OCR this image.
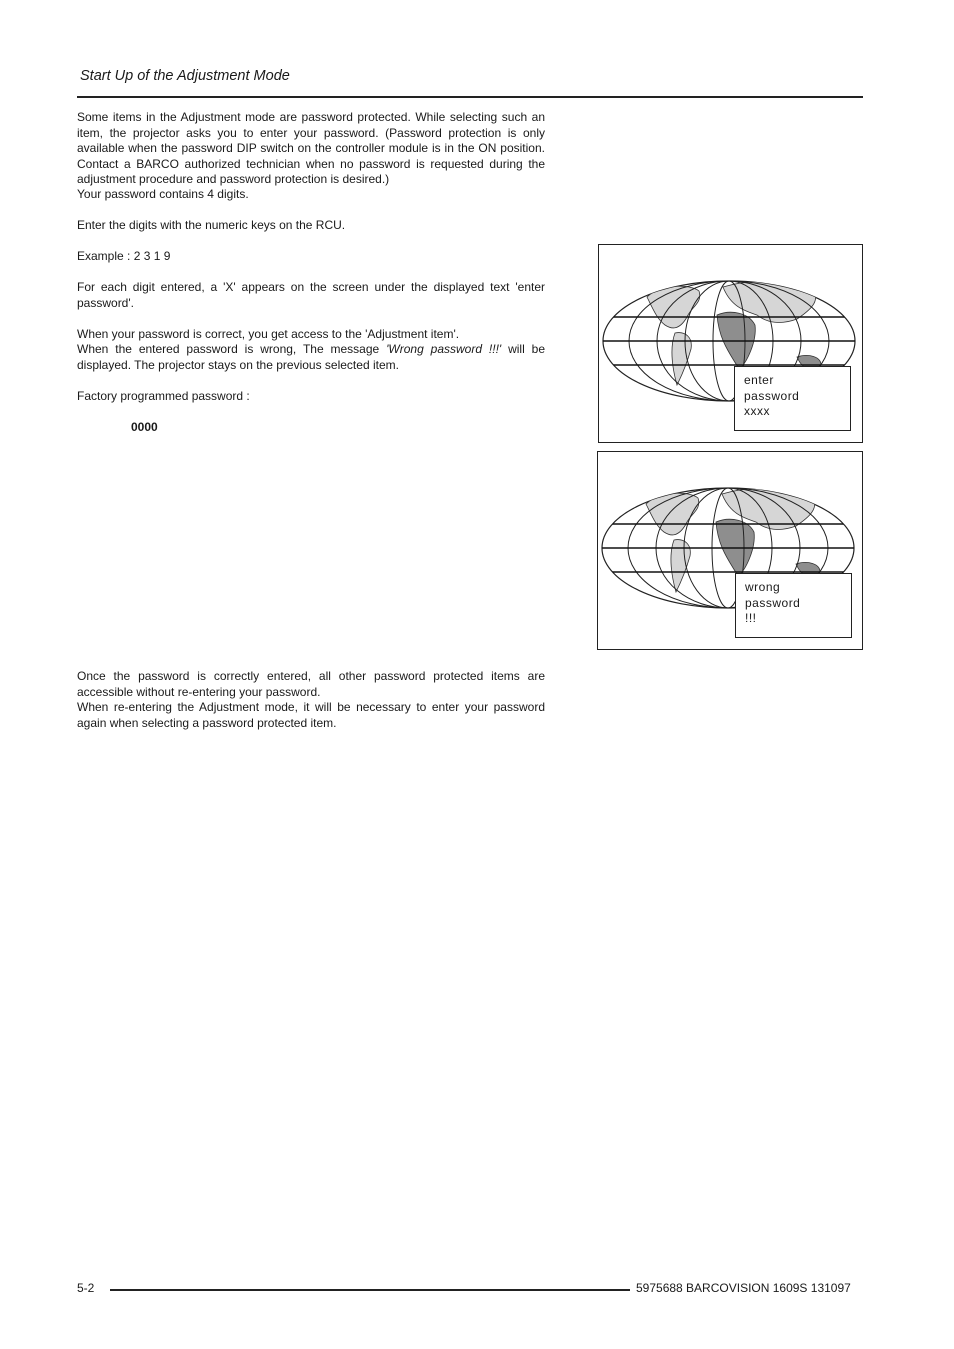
Start Up of the Adjustment Mode

Some items in the Adjustment mode are password protected. While selecting such an item, the projector asks you to enter your password. (Password protection is only available when the password DIP switch on the controller module is in the ON position. Contact a BARCO authorized technician when no password is requested during the adjustment procedure and password protection is desired.)

Your password contains 4 digits.

Enter the digits with the numeric keys on the RCU.

Example : 2 3 1 9

For each digit entered, a 'X' appears on the screen under the displayed text 'enter password'.

When your password is correct, you get access to the 'Adjustment item'.

When the entered password is wrong, The message 'Wrong password !!!' will be displayed. The projector stays on the previous selected item.

Factory programmed password :

0000

enter
password
xxxx
wrong
password
!!!

Once the password is correctly entered, all other password protected items are accessible without re-entering your password.

When re-entering the Adjustment mode, it will be necessary to enter your password again when selecting a password protected item.

5-2	5975688 BARCOVISION 1609S 131097
